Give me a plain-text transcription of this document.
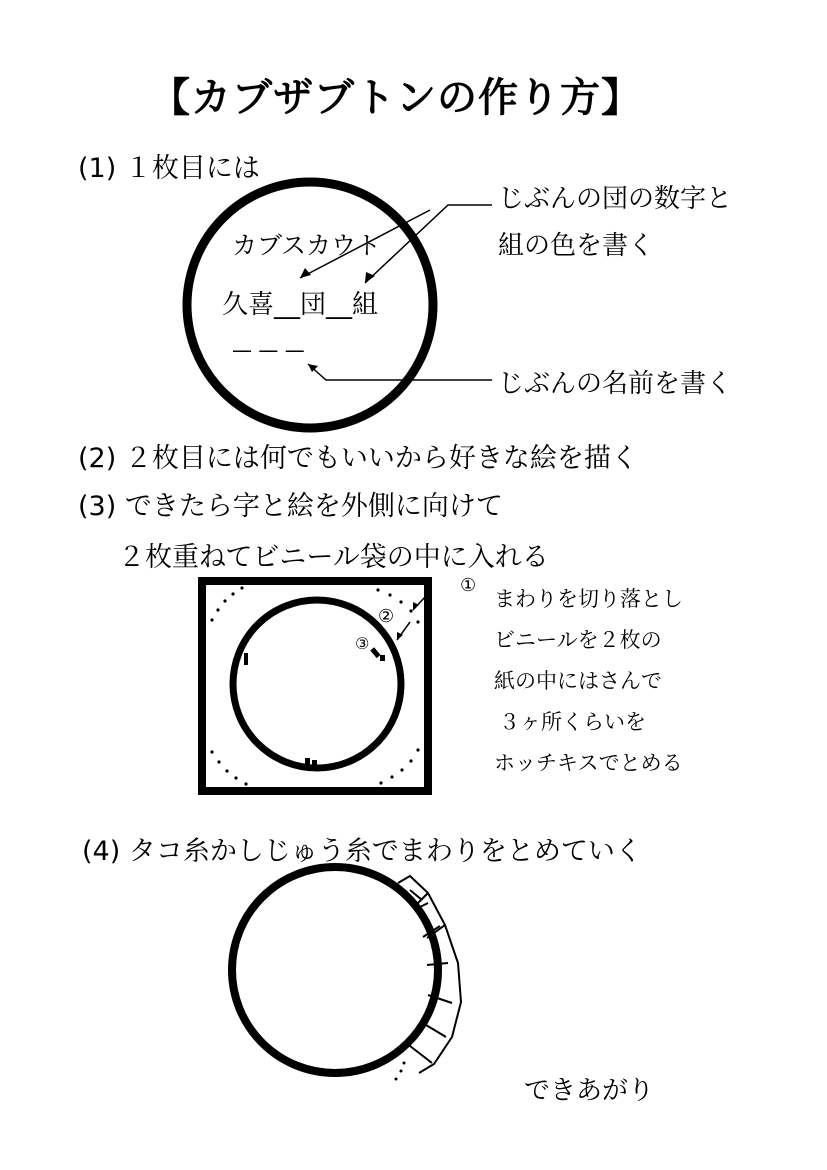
【カブザブトンの作り方】
(1) １枚目には
カブスカウト
久喜__団__組
— — —
じぶんの団の数字と
組の色を書く
じぶんの名前を書く
(2) ２枚目には何でもいいから好きな絵を描く
(3) できたら字と絵を外側に向けて
２枚重ねてビニール袋の中に入れる
①
②
③
まわりを切り落とし
ビニールを２枚の
紙の中にはさんで
３ヶ所くらいを
ホッチキスでとめる
(4) タコ糸かしじゅう糸でまわりをとめていく
できあがり
